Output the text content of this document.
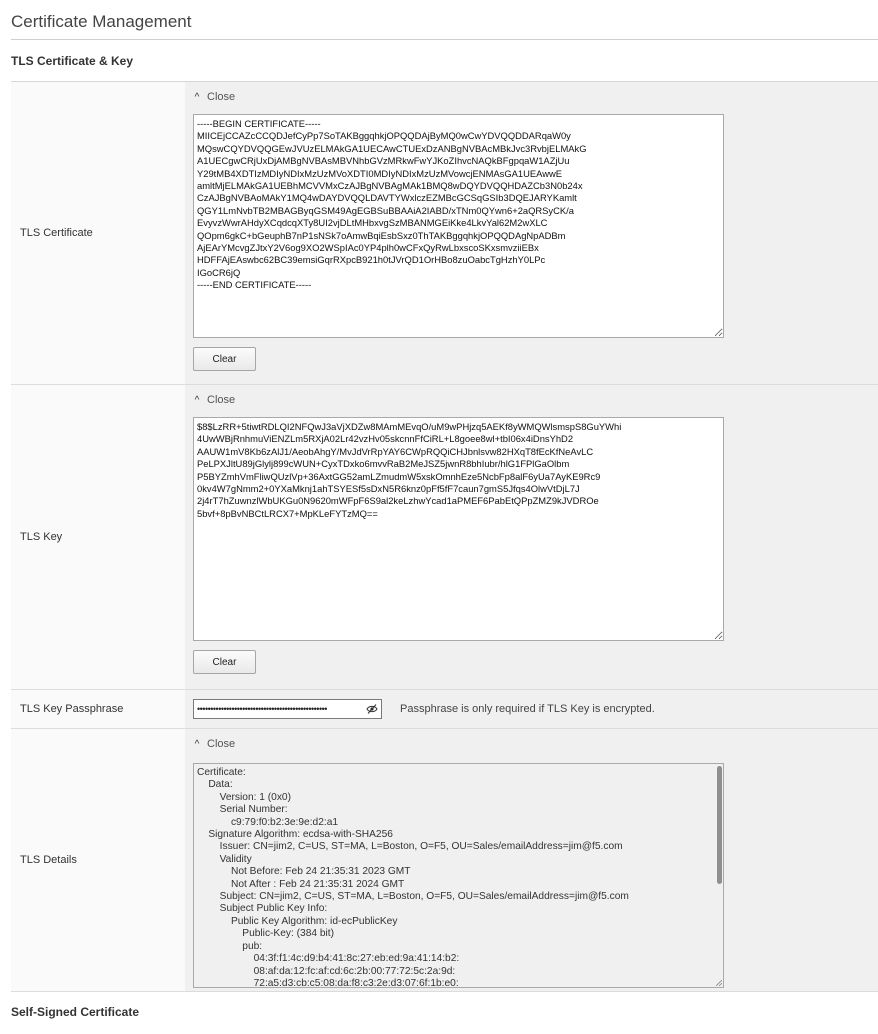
Certificate Management
TLS Certificate & Key
TLS Certificate
^ Close
-----BEGIN CERTIFICATE----- MIICEjCCAZcCCQDJefCyPp7SoTAKBggqhkjOPQQDAjByMQ0wCwYDVQQDDARqaW0y MQswCQYDVQQGEwJVUzELMAkGA1UECAwCTUExDzANBgNVBAcMBkJvc3RvbjELMAkG A1UECgwCRjUxDjAMBgNVBAsMBVNhbGVzMRkwFwYJKoZIhvcNAQkBFgpqaW1AZjUu Y29tMB4XDTIzMDIyNDIxMzUzMVoXDTI0MDIyNDIxMzUzMVowcjENMAsGA1UEAwwE amltMjELMAkGA1UEBhMCVVMxCzAJBgNVBAgMAk1BMQ8wDQYDVQQHDAZCb3N0b24x CzAJBgNVBAoMAkY1MQ4wDAYDVQQLDAVTYWxlczEZMBcGCSqGSIb3DQEJARYKamlt QGY1LmNvbTB2MBAGByqGSM49AgEGBSuBBAAiA2IABD/xTNm0QYwn6+2aQRSyCK/a EvyvzWwrAHdyXCqdcqXTy8UI2vjDLtMHbxvgSzMBANMGEiKke4LkvYal62M2wXLC QOpm6gkC+bGeuphB7nP1sNSk7oAmwBqiEsbSxz0ThTAKBggqhkjOPQQDAgNpADBm AjEArYMcvgZJtxY2V6og9XO2WSpIAc0YP4plh0wCFxQyRwLbxscoSKxsmvziiEBx HDFFAjEAswbc62BC39emsiGqrRXpcB921h0tJVrQD1OrHBo8zuOabcTgHzhY0LPc IGoCR6jQ -----END CERTIFICATE----- Clear
TLS Key
^ Close
$8$LzRR+5tiwtRDLQI2NFQwJ3aVjXDZw8MAmMEvqO/uM9wPHjzq5AEKf8yWMQWlsmspS8GuYWhi 4UwWBjRnhmuViENZLm5RXjA02Lr42vzHv05skcnnFfCiRL+L8goee8wl+tbI06x4iDnsYhD2 AAUW1mV8Kb6zAlJ1/AeobAhgY/MvJdVrRpYAY6CWpRQQiCHJbnlsvw82HXqT8fEcKfNeAvLC PeLPXJltU89jGlylj899cWUN+CyxTDxko6mvvRaB2MeJSZ5jwnR8bhIubr/hlG1FPlGaOlbm P5BYZmhVmFliwQUzlVp+36AxtGG52amLZmudmW5xskOmnhEze5NcbFp8alF6yUa7AyKE9Rc9 0kv4W7gNmm2+0YXaMknj1ahTSYESf5sDxN5R6knz0pFf5fF7caun7gmS5Jfqs4OlwVtDjL7J 2j4rT7hZuwnzlWbUKGu0N9620mWFpF6S9al2keLzhwYcad1aPMEF6PabEtQPpZMZ9kJVDROe 5bvf+8pBvNBCtLRCX7+MpKLeFYTzMQ== Clear
TLS Key Passphrase	•••••••••••••••••••••••••••••••••••••••••••••••••	Passphrase is only required if TLS Key is encrypted.
TLS Details
^ Close
Certificate:
Data:
Version: 1 (0x0)
Serial Number:
c9:79:f0:b2:3e:9e:d2:a1
Signature Algorithm: ecdsa-with-SHA256
Issuer: CN=jim2, C=US, ST=MA, L=Boston, O=F5, OU=Sales/emailAddress=jim@f5.com
Validity
Not Before: Feb 24 21:35:31 2023 GMT
Not After : Feb 24 21:35:31 2024 GMT
Subject: CN=jim2, C=US, ST=MA, L=Boston, O=F5, OU=Sales/emailAddress=jim@f5.com
Subject Public Key Info:
Public Key Algorithm: id-ecPublicKey
Public-Key: (384 bit)
pub:
04:3f:f1:4c:d9:b4:41:8c:27:eb:ed:9a:41:14:b2:
08:af:da:12:fc:af:cd:6c:2b:00:77:72:5c:2a:9d:
72:a5:d3:cb:c5:08:da:f8:c3:2e:d3:07:6f:1b:e0:
Self-Signed Certificate
